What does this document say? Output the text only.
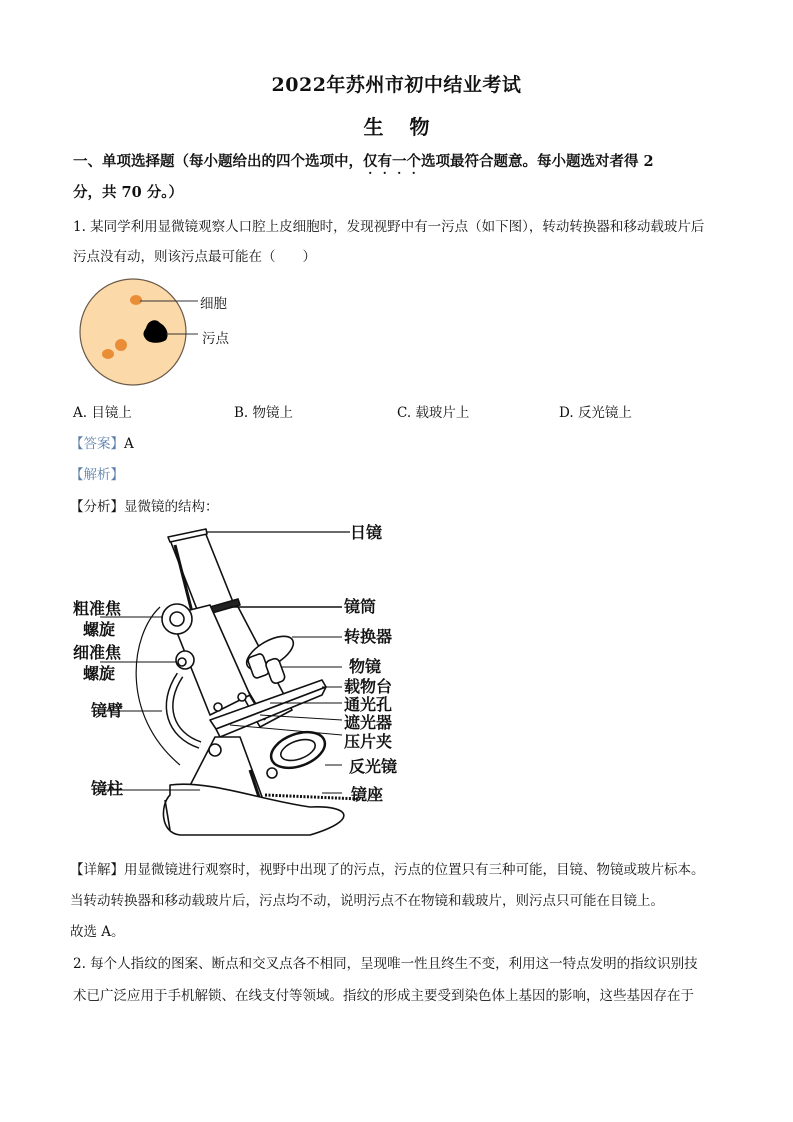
2022年苏州市初中结业考试
生 物
一、单项选择题（每小题给出的四个选项中，仅有一个选项最符合题意。每小题选对者得 2
分，共 70 分。）
1. 某同学利用显微镜观察人口腔上皮细胞时，发现视野中有一污点（如下图），转动转换器和移动载玻片后
污点没有动，则该污点最可能在（　　）
细胞
污点
A. 目镜上	B. 物镜上	C. 载玻片上	D. 反光镜上
【答案】A
【解析】
【分析】显微镜的结构：
日镜
镜筒
转换器
物镜
载物台
通光孔
遮光器
压片夹
反光镜
镜座
粗准焦
螺旋
细准焦
螺旋
镜臂
镜柱
【详解】用显微镜进行观察时，视野中出现了的污点，污点的位置只有三种可能，目镜、物镜或玻片标本。
当转动转换器和移动载玻片后，污点均不动，说明污点不在物镜和载玻片，则污点只可能在目镜上。
故选 A。
2. 每个人指纹的图案、断点和交叉点各不相同，呈现唯一性且终生不变，利用这一特点发明的指纹识别技
术已广泛应用于手机解锁、在线支付等领域。指纹的形成主要受到染色体上基因的影响，这些基因存在于
